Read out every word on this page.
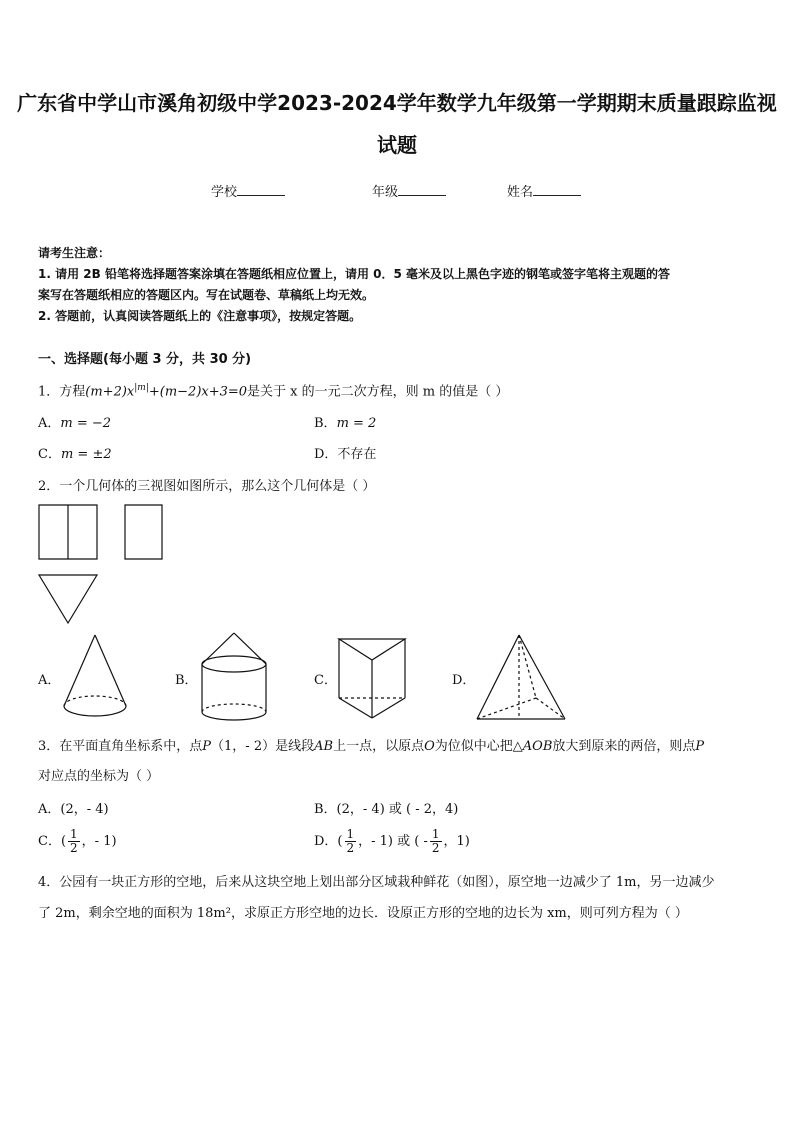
广东省中学山市溪角初级中学2023-2024学年数学九年级第一学期期末质量跟踪监视
试题
学校	年级	姓名
请考生注意：
1. 请用 2B 铅笔将选择题答案涂填在答题纸相应位置上，请用 0．5 毫米及以上黑色字迹的钢笔或签字笔将主观题的答
案写在答题纸相应的答题区内。写在试题卷、草稿纸上均无效。
2. 答题前，认真阅读答题纸上的《注意事项》，按规定答题。
一、选择题(每小题 3 分，共 30 分)
1．方程$(m+2)x^{|m|}+(m-2)x+3=0$是关于 x 的一元二次方程，则 m 的值是（ ）
A．m = −2	B．m = 2
C．m = ±2	D．不存在
2．一个几何体的三视图如图所示，那么这个几何体是（ ）
A．	B．	C．	D．
3．在平面直角坐标系中，点P（1，- 2）是线段AB上一点，以原点O为位似中心把△AOB放大到原来的两倍，则点P
对应点的坐标为（ ）
A．(2，- 4)	B．(2，- 4) 或 ( - 2，4)
C．( $\frac{1}{2}$ ，- 1)	D．( $\frac{1}{2}$ ，- 1) 或 ( - $\frac{1}{2}$ ，1)
4．公园有一块正方形的空地，后来从这块空地上划出部分区域栽种鲜花（如图），原空地一边减少了 1m，另一边减少
了 2m，剩余空地的面积为 18m²，求原正方形空地的边长．设原正方形的空地的边长为 xm，则可列方程为（ ）
